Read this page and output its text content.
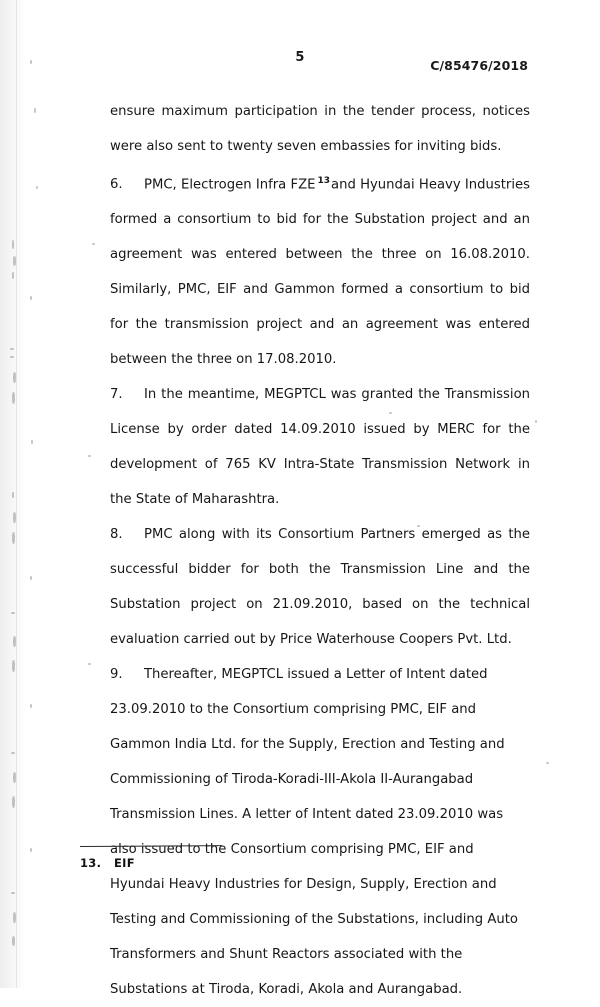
5
C/85476/2018

ensure maximum participation in the tender process, notices were also sent to twenty seven embassies for inviting bids.

6. PMC, Electrogen Infra FZE $^{13}$and Hyundai Heavy Industries formed a consortium to bid for the Substation project and an agreement was entered between the three on 16.08.2010. Similarly, PMC, EIF and Gammon formed a consortium to bid for the transmission project and an agreement was entered between the three on 17.08.2010.

7. In the meantime, MEGPTCL was granted the Transmission License by order dated 14.09.2010 issued by MERC for the development of 765 KV Intra-State Transmission Network in the State of Maharashtra.

8. PMC along with its Consortium Partners emerged as the successful bidder for both the Transmission Line and the Substation project on 21.09.2010, based on the technical evaluation carried out by Price Waterhouse Coopers Pvt. Ltd.

9. Thereafter, MEGPTCL issued a Letter of Intent dated 23.09.2010 to the Consortium comprising PMC, EIF and Gammon India Ltd. for the Supply, Erection and Testing and Commissioning of Tiroda-Koradi-III-Akola II-Aurangabad Transmission Lines. A letter of Intent dated 23.09.2010 was also issued to the Consortium comprising PMC, EIF and Hyundai Heavy Industries for Design, Supply, Erection and Testing and Commissioning of the Substations, including Auto Transformers and Shunt Reactors associated with the Substations at Tiroda, Koradi, Akola and Aurangabad.

13. EIF
